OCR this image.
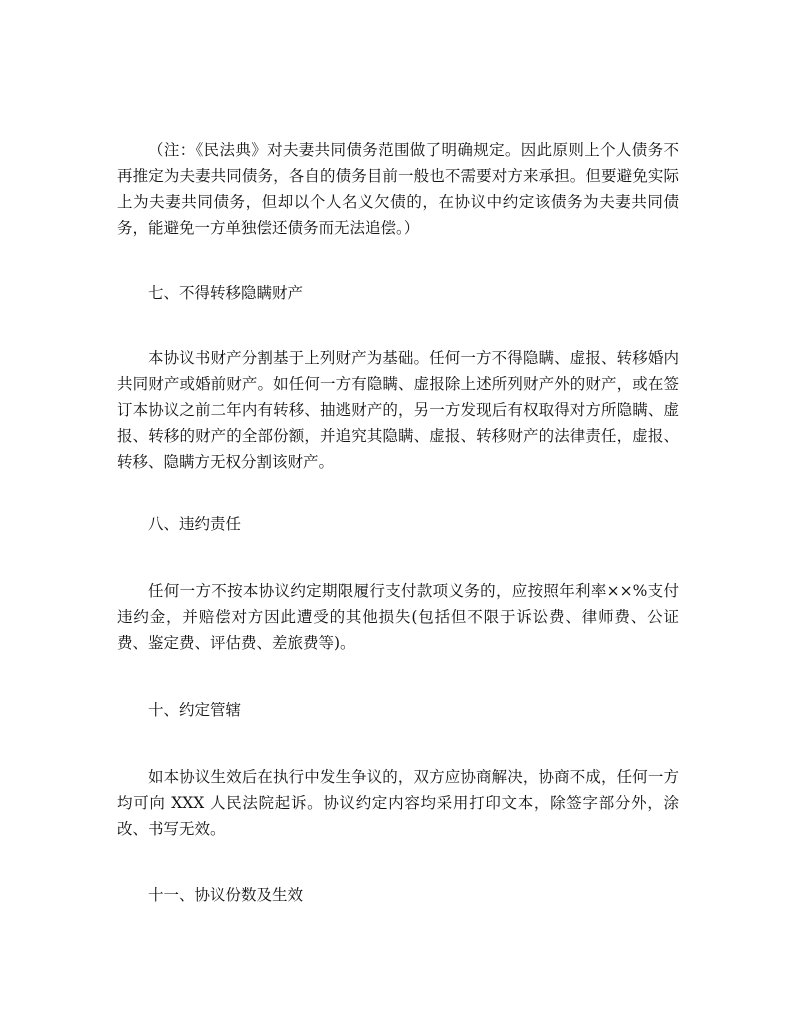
（注：《民法典》对夫妻共同债务范围做了明确规定。因此原则上个人债务不再推定为夫妻共同债务，各自的债务目前一般也不需要对方来承担。但要避免实际上为夫妻共同债务，但却以个人名义欠债的，在协议中约定该债务为夫妻共同债务，能避免一方单独偿还债务而无法追偿。）

七、不得转移隐瞒财产

本协议书财产分割基于上列财产为基础。任何一方不得隐瞒、虚报、转移婚内共同财产或婚前财产。如任何一方有隐瞒、虚报除上述所列财产外的财产，或在签订本协议之前二年内有转移、抽逃财产的，另一方发现后有权取得对方所隐瞒、虚报、转移的财产的全部份额，并追究其隐瞒、虚报、转移财产的法律责任，虚报、转移、隐瞒方无权分割该财产。

八、违约责任

任何一方不按本协议约定期限履行支付款项义务的，应按照年利率××%支付违约金，并赔偿对方因此遭受的其他损失(包括但不限于诉讼费、律师费、公证费、鉴定费、评估费、差旅费等)。

十、约定管辖

如本协议生效后在执行中发生争议的，双方应协商解决，协商不成，任何一方均可向 XXX 人民法院起诉。协议约定内容均采用打印文本，除签字部分外，涂改、书写无效。

十一、协议份数及生效
